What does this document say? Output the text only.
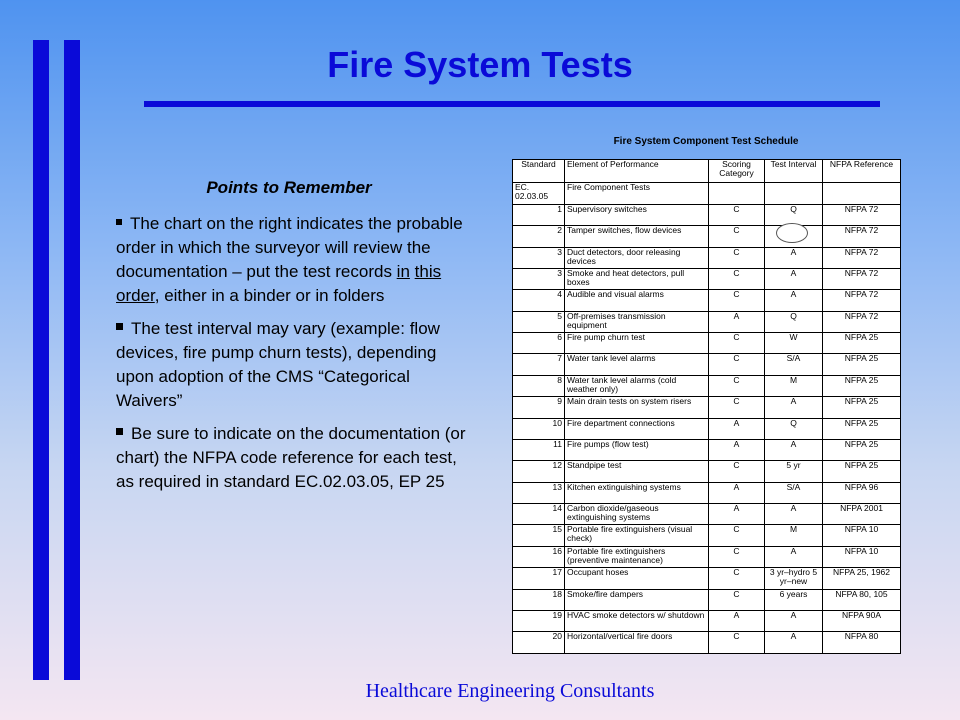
Fire System Tests
Points to Remember
The chart on the right indicates the probable order in which the surveyor will review the documentation – put the test records in this order, either in a binder or in folders
The test interval may vary (example: flow devices, fire pump churn tests), depending upon adoption of the CMS “Categorical Waivers”
Be sure to indicate on the documentation (or chart) the NFPA code reference for each test, as required in standard EC.02.03.05, EP 25
Fire System Component Test Schedule
Standard	Element of Performance	Scoring Category	Test Interval	NFPA Reference
EC. 02.03.05	Fire Component Tests			
1	Supervisory switches	C	Q	NFPA 72
2	Tamper switches, flow devices	C		NFPA 72
3	Duct detectors, door releasing devices	C	A	NFPA 72
3	Smoke and heat detectors, pull boxes	C	A	NFPA 72
4	Audible and visual alarms	C	A	NFPA 72
5	Off-premises transmission equipment	A	Q	NFPA 72
6	Fire pump churn test	C	W	NFPA 25
7	Water tank level alarms	C	S/A	NFPA 25
8	Water tank level alarms (cold weather only)	C	M	NFPA 25
9	Main drain tests on system risers	C	A	NFPA 25
10	Fire department connections	A	Q	NFPA 25
11	Fire pumps (flow test)	A	A	NFPA 25
12	Standpipe test	C	5 yr	NFPA 25
13	Kitchen extinguishing systems	A	S/A	NFPA 96
14	Carbon dioxide/gaseous extinguishing systems	A	A	NFPA 2001
15	Portable fire extinguishers (visual check)	C	M	NFPA 10
16	Portable fire extinguishers (preventive maintenance)	C	A	NFPA 10
17	Occupant hoses	C	3 yr–hydro 5 yr–new	NFPA 25, 1962
18	Smoke/fire dampers	C	6 years	NFPA 80, 105
19	HVAC smoke detectors w/ shutdown	A	A	NFPA 90A
20	Horizontal/vertical fire doors	C	A	NFPA 80
Healthcare Engineering Consultants
